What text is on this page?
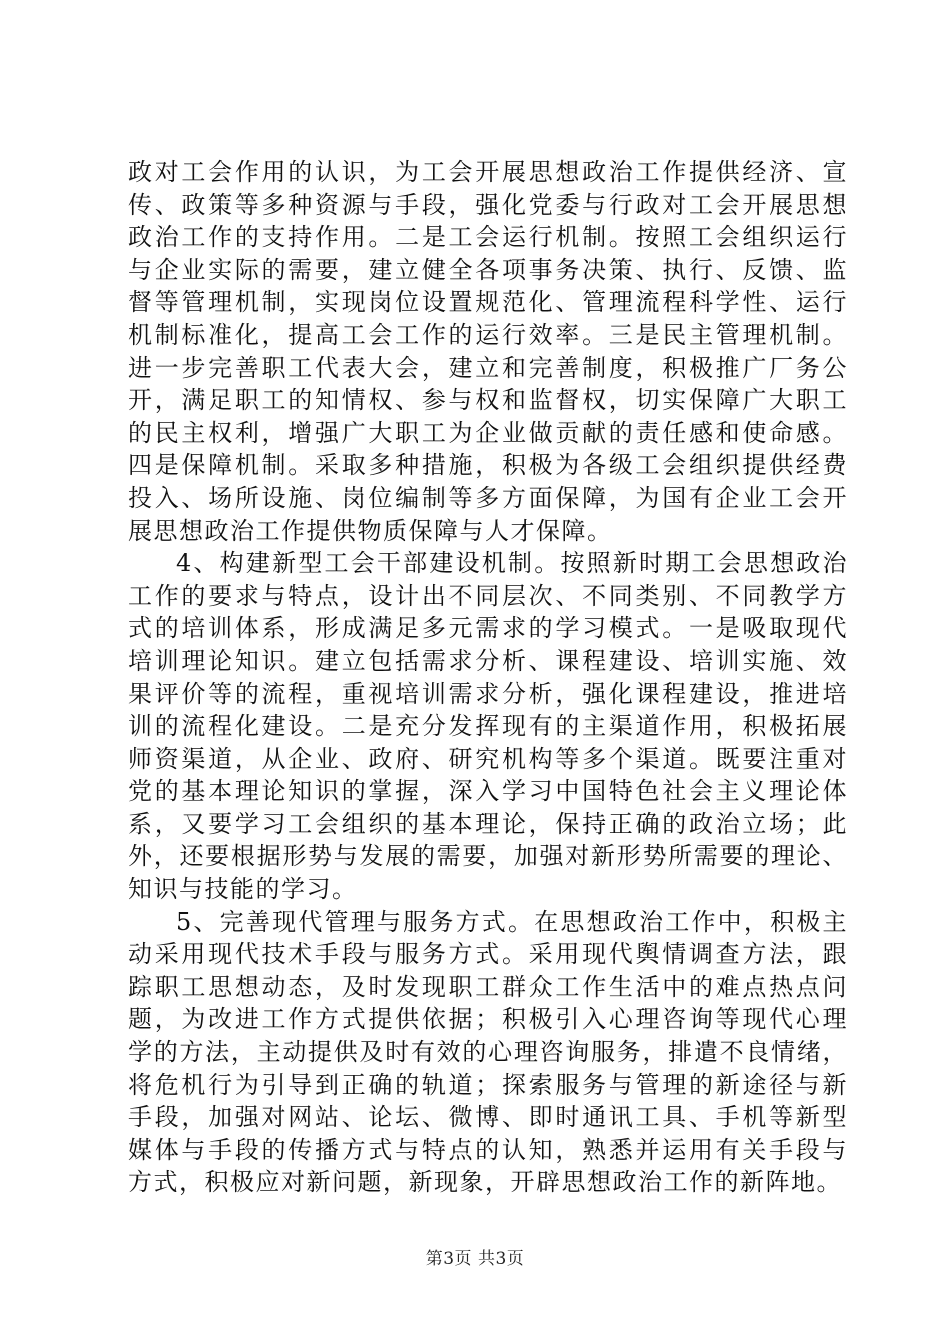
政对工会作用的认识，为工会开展思想政治工作提供经济、宣
传、政策等多种资源与手段，强化党委与行政对工会开展思想
政治工作的支持作用。二是工会运行机制。按照工会组织运行
与企业实际的需要，建立健全各项事务决策、执行、反馈、监
督等管理机制，实现岗位设置规范化、管理流程科学性、运行
机制标准化，提高工会工作的运行效率。三是民主管理机制。
进一步完善职工代表大会，建立和完善制度，积极推广厂务公
开，满足职工的知情权、参与权和监督权，切实保障广大职工
的民主权利，增强广大职工为企业做贡献的责任感和使命感。
四是保障机制。采取多种措施，积极为各级工会组织提供经费
投入、场所设施、岗位编制等多方面保障，为国有企业工会开
展思想政治工作提供物质保障与人才保障。
4、构建新型工会干部建设机制。按照新时期工会思想政治
工作的要求与特点，设计出不同层次、不同类别、不同教学方
式的培训体系，形成满足多元需求的学习模式。一是吸取现代
培训理论知识。建立包括需求分析、课程建设、培训实施、效
果评价等的流程，重视培训需求分析，强化课程建设，推进培
训的流程化建设。二是充分发挥现有的主渠道作用，积极拓展
师资渠道，从企业、政府、研究机构等多个渠道。既要注重对
党的基本理论知识的掌握，深入学习中国特色社会主义理论体
系，又要学习工会组织的基本理论，保持正确的政治立场；此
外，还要根据形势与发展的需要，加强对新形势所需要的理论、
知识与技能的学习。
5、完善现代管理与服务方式。在思想政治工作中，积极主
动采用现代技术手段与服务方式。采用现代舆情调查方法，跟
踪职工思想动态，及时发现职工群众工作生活中的难点热点问
题，为改进工作方式提供依据；积极引入心理咨询等现代心理
学的方法，主动提供及时有效的心理咨询服务，排遣不良情绪，
将危机行为引导到正确的轨道；探索服务与管理的新途径与新
手段，加强对网站、论坛、微博、即时通讯工具、手机等新型
媒体与手段的传播方式与特点的认知，熟悉并运用有关手段与
方式，积极应对新问题，新现象，开辟思想政治工作的新阵地。
第3页 共3页
